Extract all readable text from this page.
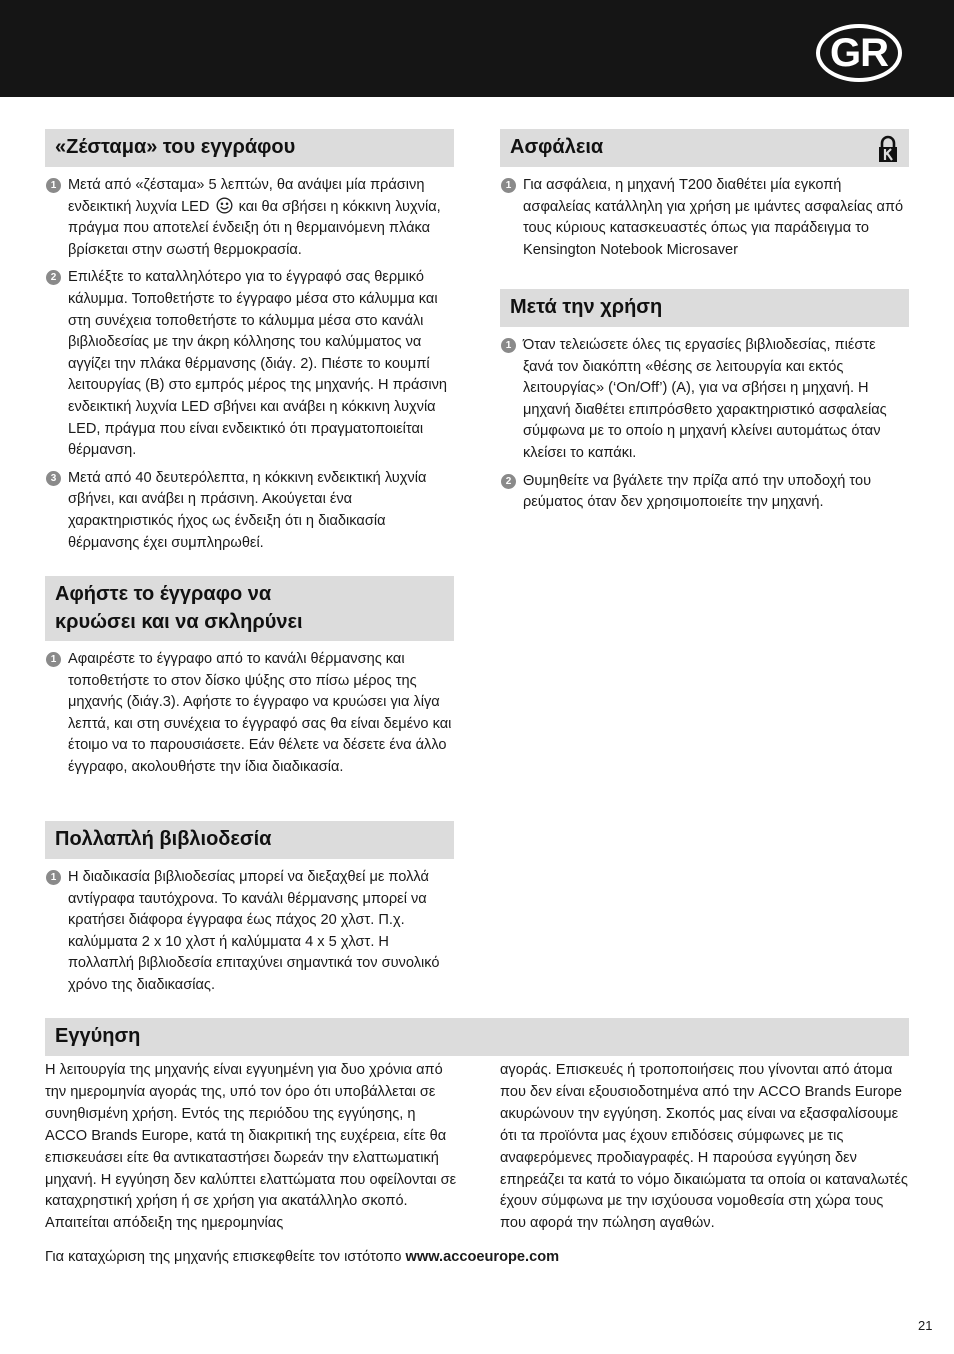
GR
«Ζέσταμα» του εγγράφου
1 Μετά από «ζέσταμα» 5 λεπτών, θα ανάψει μία πράσινη ενδεικτική λυχνία LED και θα σβήσει η κόκκινη λυχνία, πράγμα που αποτελεί ένδειξη ότι η θερμαινόμενη πλάκα βρίσκεται στην σωστή θερμοκρασία.
2 Επιλέξτε το καταλληλότερο για το έγγραφό σας θερμικό κάλυμμα. Τοποθετήστε το έγγραφο μέσα στο κάλυμμα και στη συνέχεια τοποθετήστε το κάλυμμα μέσα στο κανάλι βιβλιοδεσίας με την άκρη κόλλησης του καλύμματος να αγγίζει την πλάκα θέρμανσης (διάγ. 2). Πιέστε το κουμπί λειτουργίας (Β) στο εμπρός μέρος της μηχανής. Η πράσινη ενδεικτική λυχνία LED σβήνει και ανάβει η κόκκινη λυχνία LED, πράγμα που είναι ενδεικτικό ότι πραγματοποιείται θέρμανση.
3 Μετά από 40 δευτερόλεπτα, η κόκκινη ενδεικτική λυχνία σβήνει, και ανάβει η πράσινη. Ακούγεται ένα χαρακτηριστικός ήχος ως ένδειξη ότι η διαδικασία θέρμανσης έχει συμπληρωθεί.
Αφήστε το έγγραφο να
κρυώσει και να σκληρύνει
1 Αφαιρέστε το έγγραφο από το κανάλι θέρμανσης και τοποθετήστε το στον δίσκο ψύξης στο πίσω μέρος της μηχανής (διάγ.3). Αφήστε το έγγραφο να κρυώσει για λίγα λεπτά, και στη συνέχεια το έγγραφό σας θα είναι δεμένο και έτοιμο να το παρουσιάσετε. Εάν θέλετε να δέσετε ένα άλλο έγγραφο, ακολουθήστε την ίδια διαδικασία.
Πολλαπλή βιβλιοδεσία
1 Η διαδικασία βιβλιοδεσίας μπορεί να διεξαχθεί με πολλά αντίγραφα ταυτόχρονα. Το κανάλι θέρμανσης μπορεί να κρατήσει διάφορα έγγραφα έως πάχος 20 χλστ. Π.χ. καλύμματα 2 x 10 χλστ ή καλύμματα 4 x 5 χλστ. Η πολλαπλή βιβλιοδεσία επιταχύνει σημαντικά τον συνολικό χρόνο της διαδικασίας.
Ασφάλεια
1 Για ασφάλεια, η μηχανή T200 διαθέτει μία εγκοπή ασφαλείας κατάλληλη για χρήση με ιμάντες ασφαλείας από τους κύριους κατασκευαστές όπως για παράδειγμα το Kensington Notebook Microsaver
Μετά την χρήση
1 Όταν τελειώσετε όλες τις εργασίες βιβλιοδεσίας, πιέστε ξανά τον διακόπτη «θέσης σε λειτουργία και εκτός λειτουργίας» (‘On/Off’) (A), για να σβήσει η μηχανή. Η μηχανή διαθέτει επιπρόσθετο χαρακτηριστικό ασφαλείας σύμφωνα με το οποίο η μηχανή κλείνει αυτομάτως όταν κλείσει το καπάκι.
2 Θυμηθείτε να βγάλετε την πρίζα από την υποδοχή του ρεύματος όταν δεν χρησιμοποιείτε την μηχανή.
Εγγύηση
Η λειτουργία της μηχανής είναι εγγυημένη για δυο χρόνια από την ημερομηνία αγοράς της, υπό τον όρο ότι υποβάλλεται σε συνηθισμένη χρήση. Εντός της περιόδου της εγγύησης, η ACCO Brands Europe, κατά τη διακριτική της ευχέρεια, είτε θα επισκευάσει είτε θα αντικαταστήσει δωρεάν την ελαττωματική μηχανή. Η εγγύηση δεν καλύπτει ελαττώματα που οφείλονται σε καταχρηστική χρήση ή σε χρήση για ακατάλληλο σκοπό. Απαιτείται απόδειξη της ημερομηνίας
αγοράς. Επισκευές ή τροποποιήσεις που γίνονται από άτομα που δεν είναι εξουσιοδοτημένα από την ACCO Brands Europe ακυρώνουν την εγγύηση. Σκοπός μας είναι να εξασφαλίσουμε ότι τα προϊόντα μας έχουν επιδόσεις σύμφωνες με τις αναφερόμενες προδιαγραφές. Η παρούσα εγγύηση δεν επηρεάζει τα κατά το νόμο δικαιώματα τα οποία οι καταναλωτές έχουν σύμφωνα με την ισχύουσα νομοθεσία στη χώρα τους που αφορά την πώληση αγαθών.
Για καταχώριση της μηχανής επισκεφθείτε τον ιστότοπο www.accoeurope.com
21
